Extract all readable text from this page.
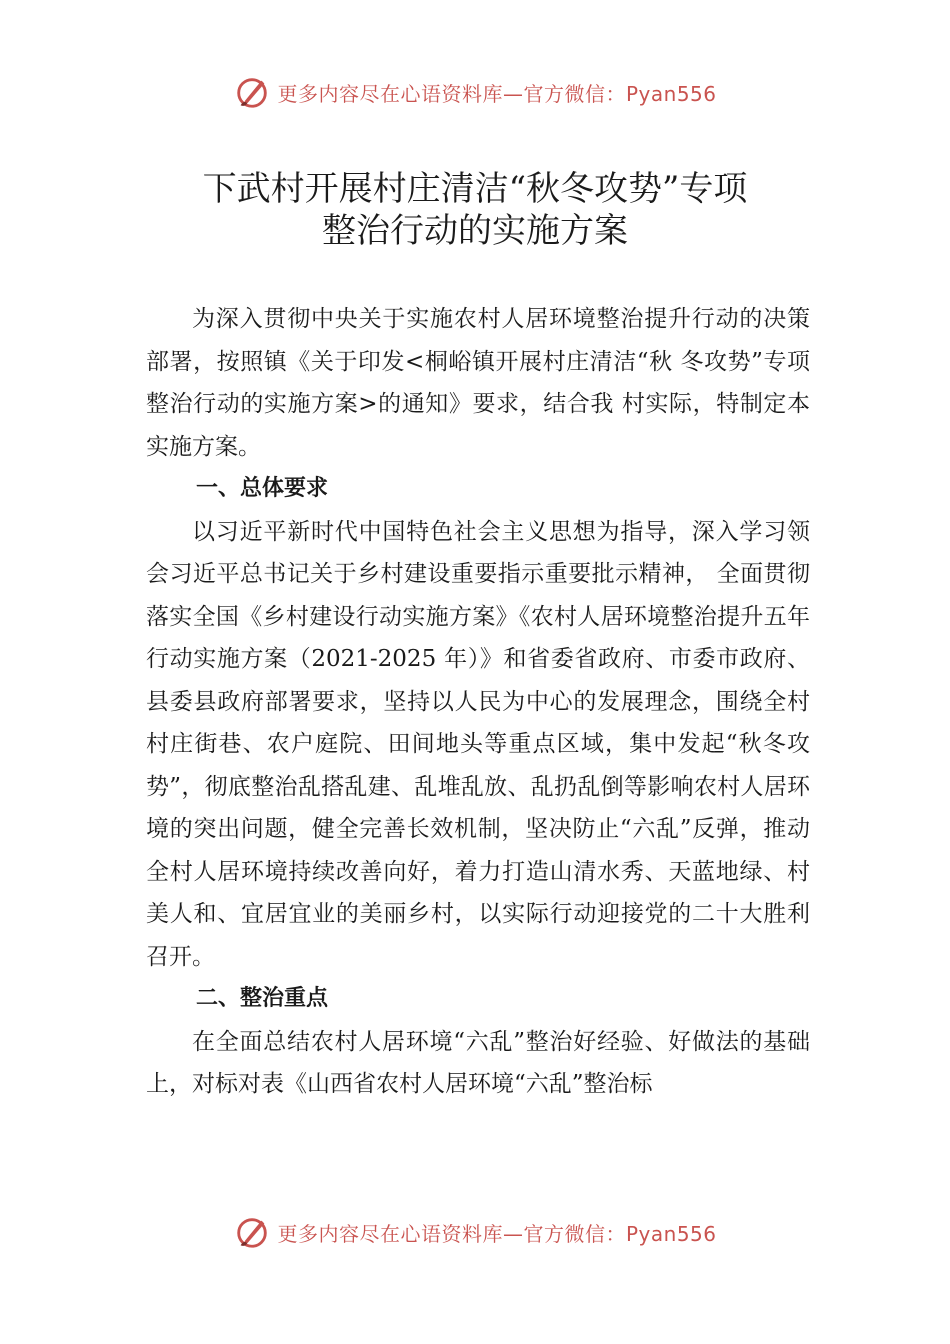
更多内容尽在心语资料库—官方微信：Pyan556
下武村开展村庄清洁“秋冬攻势”专项
整治行动的实施方案

为深入贯彻中央关于实施农村人居环境整治提升行动的决策部署，按照镇《关于印发<桐峪镇开展村庄清洁“秋 冬攻势”专项整治行动的实施方案>的通知》要求，结合我 村实际，特制定本实施方案。

一、总体要求

以习近平新时代中国特色社会主义思想为指导，深入学习领会习近平总书记关于乡村建设重要指示重要批示精神， 全面贯彻落实全国《乡村建设行动实施方案》《农村人居环境整治提升五年行动实施方案（2021-2025 年）》和省委省政府、市委市政府、县委县政府部署要求，坚持以人民为中心的发展理念，围绕全村村庄街巷、农户庭院、田间地头等重点区域，集中发起“秋冬攻势”，彻底整治乱搭乱建、乱堆乱放、乱扔乱倒等影响农村人居环境的突出问题，健全完善长效机制，坚决防止“六乱”反弹，推动全村人居环境持续改善向好，着力打造山清水秀、天蓝地绿、村美人和、宜居宜业的美丽乡村，以实际行动迎接党的二十大胜利召开。

二、整治重点

在全面总结农村人居环境“六乱”整治好经验、好做法的基础上，对标对表《山西省农村人居环境“六乱”整治标

更多内容尽在心语资料库—官方微信：Pyan556
